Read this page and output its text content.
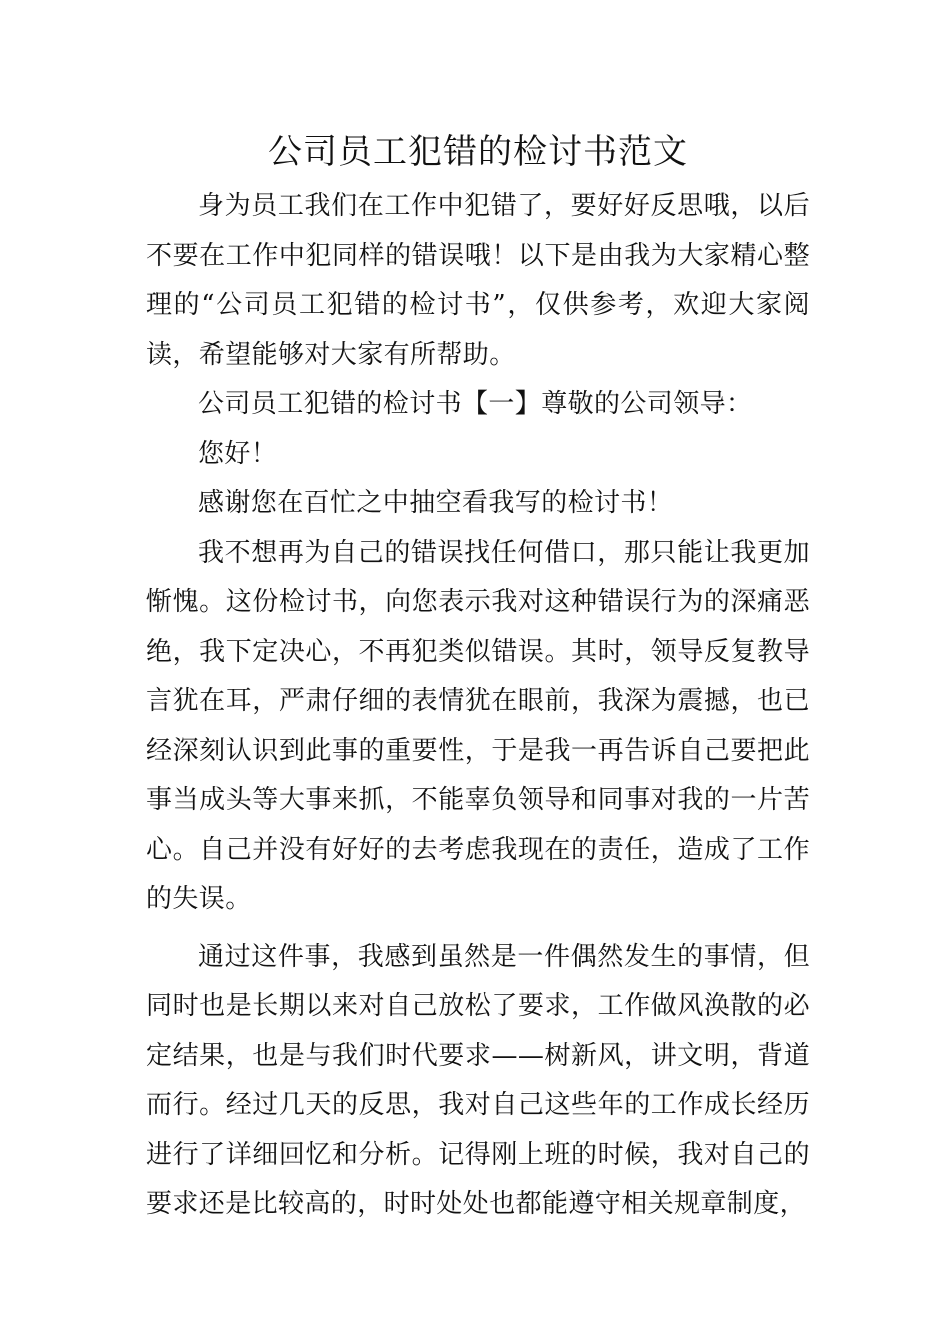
公司员工犯错的检讨书范文

身为员工我们在工作中犯错了，要好好反思哦，以后不要在工作中犯同样的错误哦！以下是由我为大家精心整理的“公司员工犯错的检讨书”，仅供参考，欢迎大家阅读，希望能够对大家有所帮助。

公司员工犯错的检讨书【一】尊敬的公司领导：

您好！

感谢您在百忙之中抽空看我写的检讨书！

我不想再为自己的错误找任何借口，那只能让我更加惭愧。这份检讨书，向您表示我对这种错误行为的深痛恶绝，我下定决心，不再犯类似错误。其时，领导反复教导言犹在耳，严肃仔细的表情犹在眼前，我深为震撼，也已经深刻认识到此事的重要性，于是我一再告诉自己要把此事当成头等大事来抓，不能辜负领导和同事对我的一片苦心。自己并没有好好的去考虑我现在的责任，造成了工作的失误。

通过这件事，我感到虽然是一件偶然发生的事情，但同时也是长期以来对自己放松了要求，工作做风涣散的必定结果，也是与我们时代要求——树新风，讲文明，背道而行。经过几天的反思，我对自己这些年的工作成长经历进行了详细回忆和分析。记得刚上班的时候，我对自己的要求还是比较高的，时时处处也都能遵守相关规章制度，
